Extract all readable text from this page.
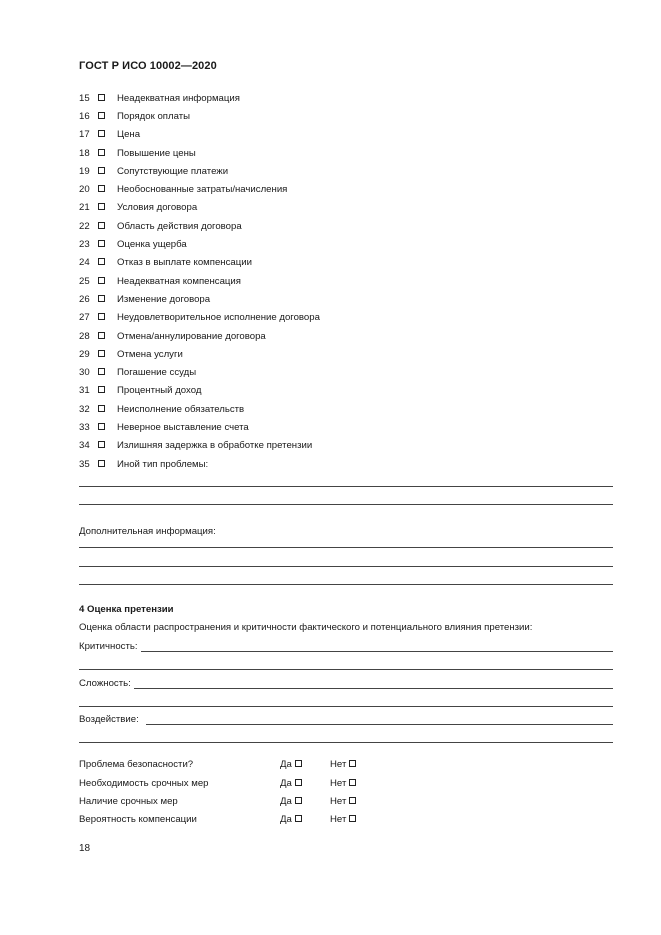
ГОСТ Р ИСО 10002—2020
15	Неадекватная информация
16	Порядок оплаты
17	Цена
18	Повышение цены
19	Сопутствующие платежи
20	Необоснованные затраты/начисления
21	Условия договора
22	Область действия договора
23	Оценка ущерба
24	Отказ в выплате компенсации
25	Неадекватная компенсация
26	Изменение договора
27	Неудовлетворительное исполнение договора
28	Отмена/аннулирование договора
29	Отмена услуги
30	Погашение ссуды
31	Процентный доход
32	Неисполнение обязательств
33	Неверное выставление счета
34	Излишняя задержка в обработке претензии
35	Иной тип проблемы:
Дополнительная информация:
4 Оценка претензии
Оценка области распространения и критичности фактического и потенциального влияния претензии:
Критичность:
Сложность:
Воздействие:
Проблема безопасности?	Да	Нет
Необходимость срочных мер	Да	Нет
Наличие срочных мер	Да	Нет
Вероятность компенсации	Да	Нет
18
